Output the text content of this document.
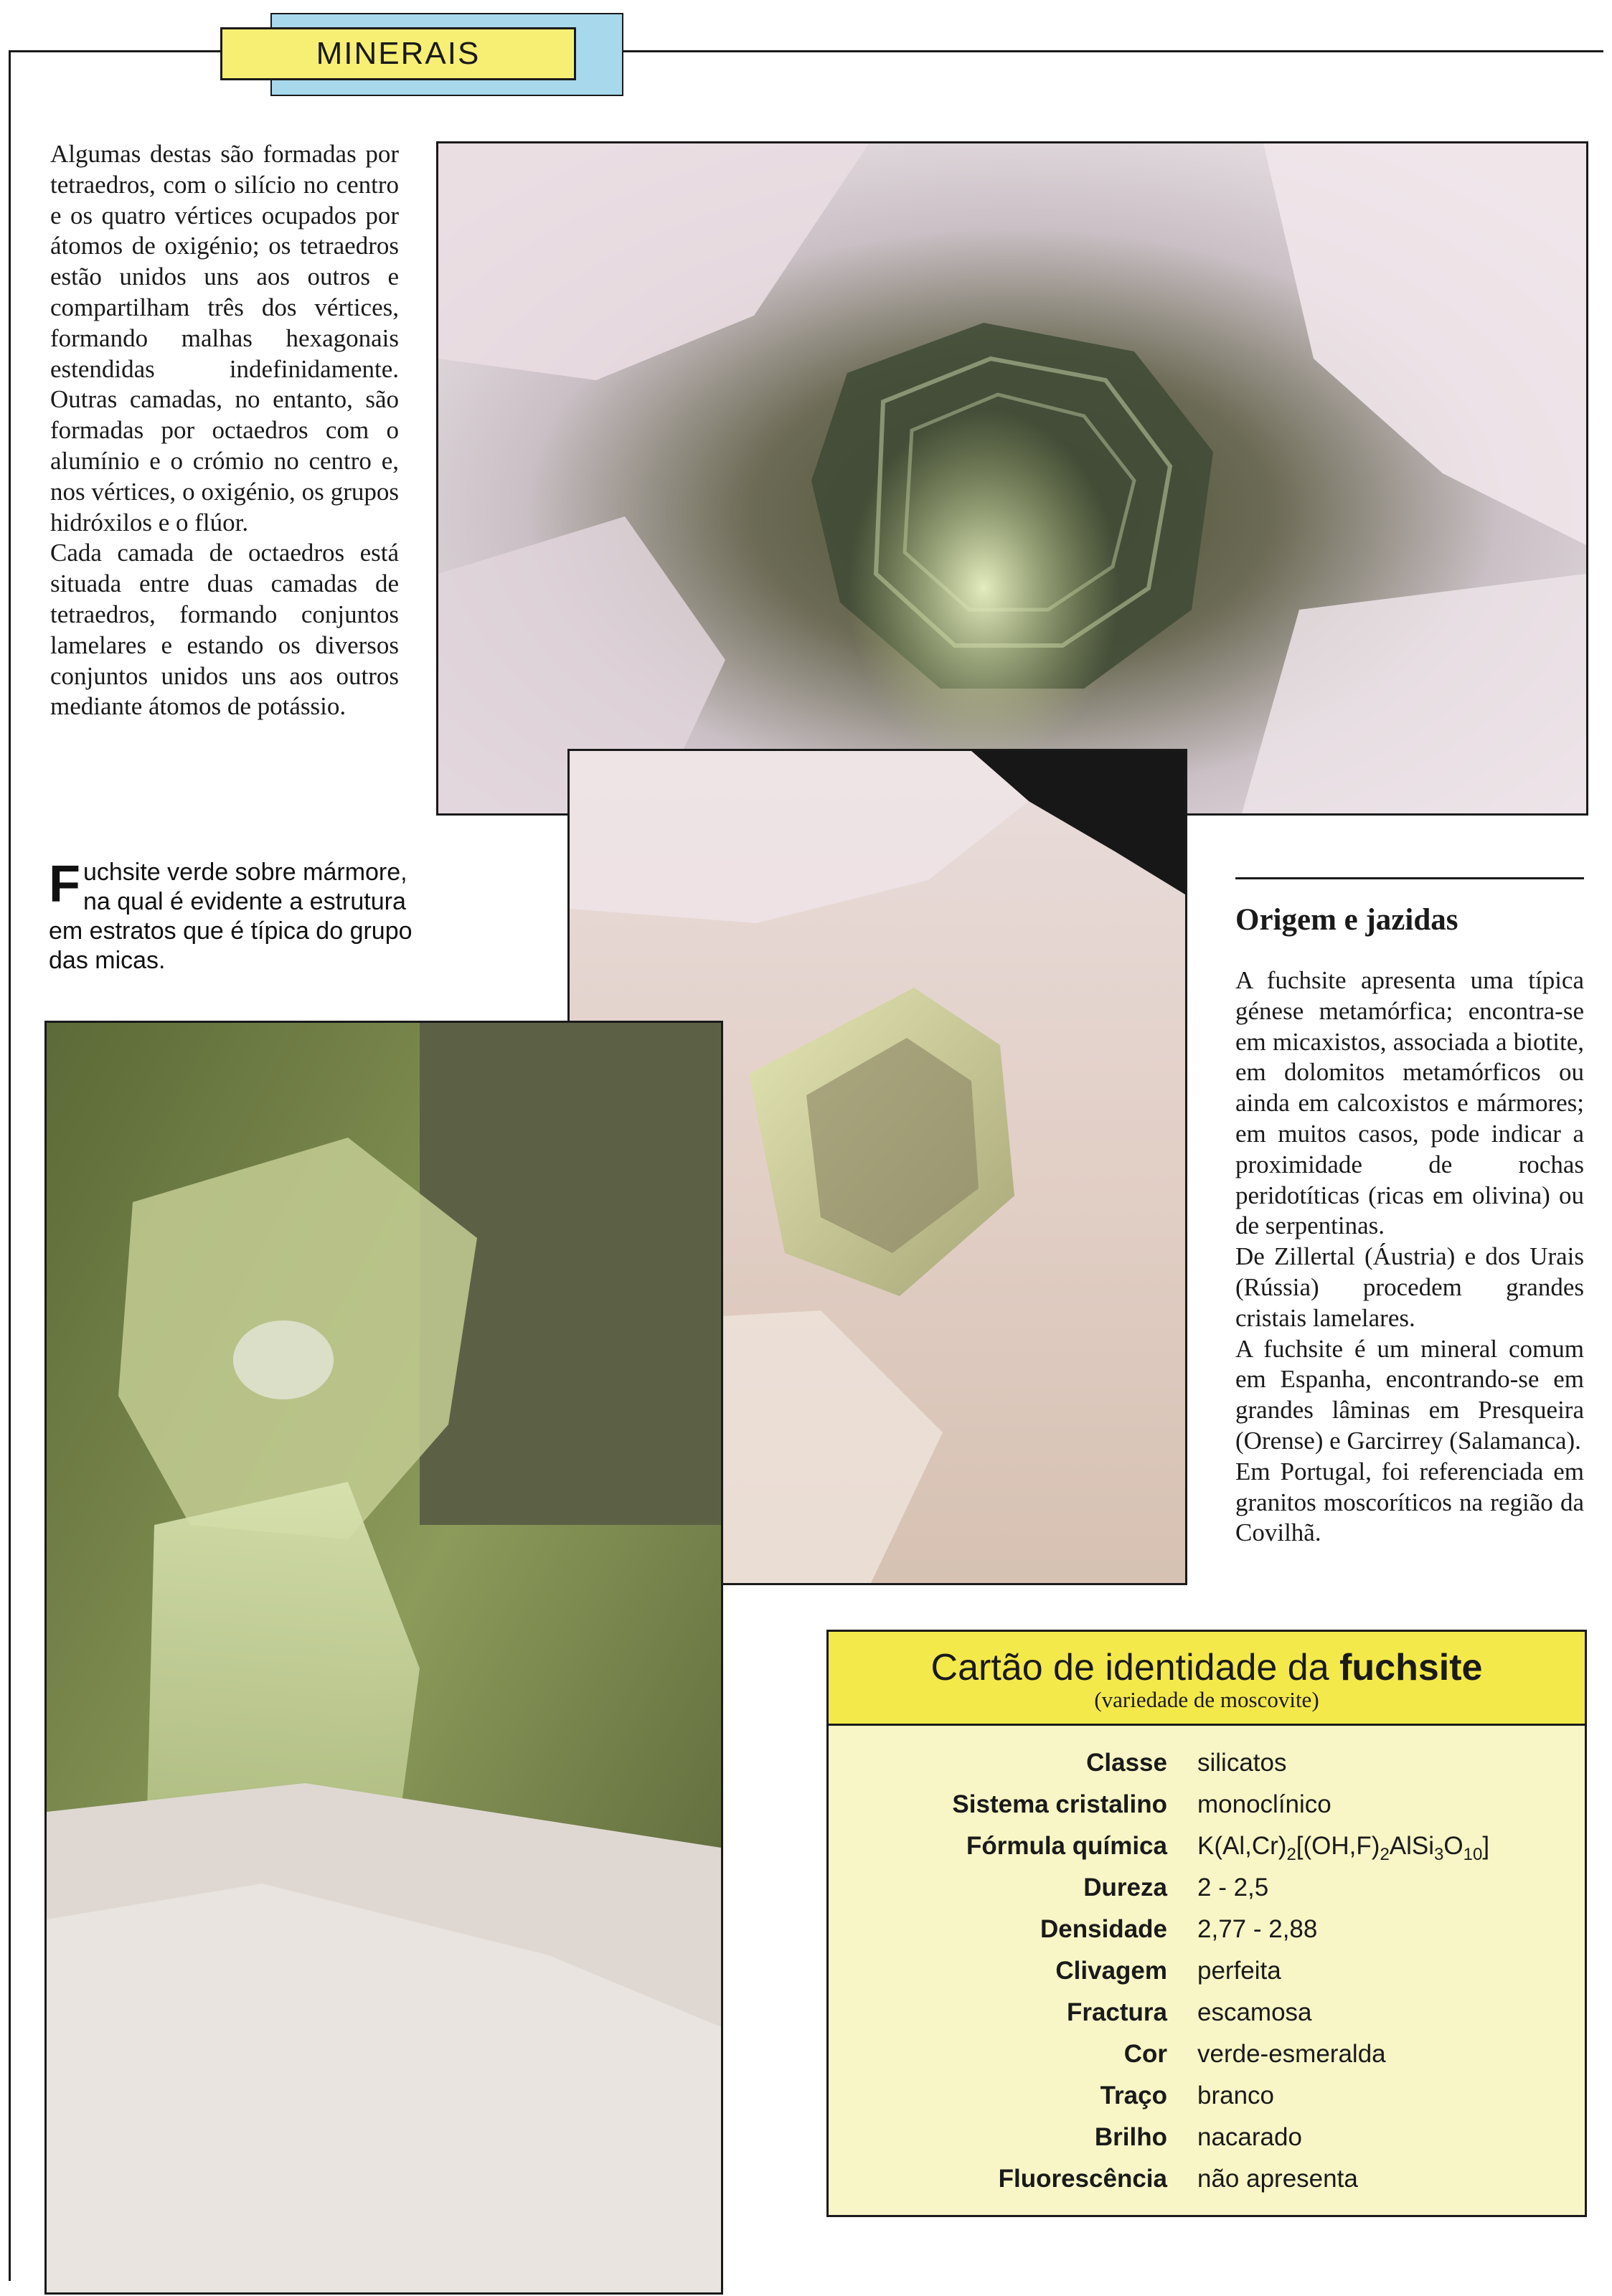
MINERAIS

Algumas destas são formadas por tetraedros, com o silício no centro e os quatro vértices ocupados por átomos de oxigénio; os tetraedros estão unidos uns aos outros e compartilham três dos vértices, formando malhas hexagonais estendidas indefinidamente. Outras camadas, no entanto, são formadas por octaedros com o alumínio e o crómio no centro e, nos vértices, o oxigénio, os grupos hidróxilos e o flúor.

Cada camada de octaedros está situada entre duas camadas de tetraedros, formando conjuntos lamelares e estando os diversos conjuntos unidos uns aos outros mediante átomos de potássio.

Fuchsite verde sobre mármore, na qual é evidente a estrutura em estratos que é típica do grupo das micas.
Origem e jazidas

A fuchsite apresenta uma típica génese metamórfica; encontra-se em micaxistos, associada a biotite, em dolomitos metamórficos ou ainda em calcoxistos e mármores; em muitos casos, pode indicar a proximidade de rochas peridotíticas (ricas em olivina) ou de serpentinas.

De Zillertal (Áustria) e dos Urais (Rússia) procedem grandes cristais lamelares.

A fuchsite é um mineral comum em Espanha, encontrando-se em grandes lâminas em Presqueira (Orense) e Garcirrey (Salamanca).

Em Portugal, foi referenciada em granitos moscoríticos na região da Covilhã.

Cartão de identidade da fuchsite
(variedade de moscovite)
Classe silicatos
Sistema cristalino monoclínico
Fórmula química $K(Al,Cr)_2[(OH,F)_2AlSi_3O_{10}]$
Dureza 2 - 2,5
Densidade 2,77 - 2,88
Clivagem perfeita
Fractura escamosa
Cor verde-esmeralda
Traço branco
Brilho nacarado
Fluorescência não apresenta
